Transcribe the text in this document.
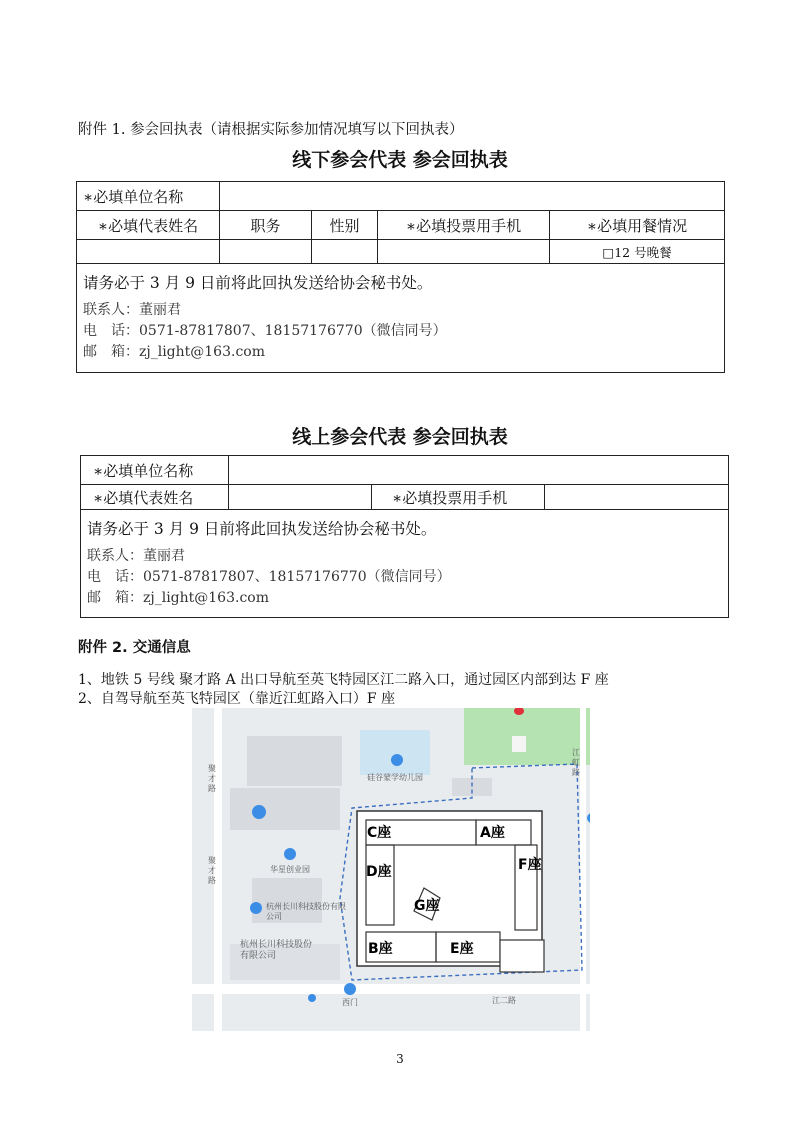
附件 1. 参会回执表（请根据实际参加情况填写以下回执表）
线下参会代表 参会回执表
∗必填单位名称				
∗必填代表姓名	职务	性别	∗必填投票用手机	∗必填用餐情况
				□12 号晚餐

请务必于 3 月 9 日前将此回执发送给协会秘书处。
联系人：董丽君
电　话：0571-87817807、18157176770（微信同号）
邮　箱：zj_light@163.com				
线上参会代表 参会回执表
∗必填单位名称			
∗必填代表姓名		∗必填投票用手机	

请务必于 3 月 9 日前将此回执发送给协会秘书处。
联系人：董丽君
电　话：0571-87817807、18157176770（微信同号）
邮　箱：zj_light@163.com			
附件 2. 交通信息
1、地铁 5 号线 聚才路 A 出口导航至英飞特园区江二路入口，通过园区内部到达 F 座
2、自驾导航至英飞特园区（靠近江虹路入口）F 座
聚才路
聚才路
江虹路
江二路
硅谷蒙学幼儿园
华星创业园
杭州长川科技股份有限公司
杭州长川科技股份有限公司
西门
C座	A座
D座	F座
G座
B座	E座
3
